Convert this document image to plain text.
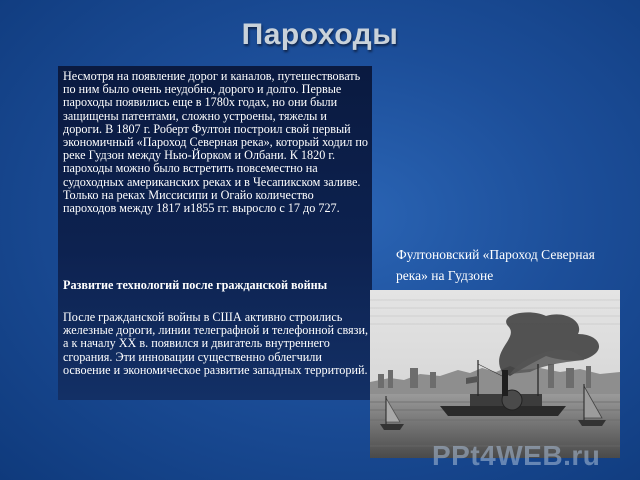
Пароходы
Несмотря на появление дорог и каналов, путешествовать по ним было очень неудобно, дорого и долго. Первые пароходы появились еще в 1780х годах, но они были защищены патентами, сложно устроены, тяжелы и дороги. В 1807 г. Роберт Фултон построил свой первый экономичный «Пароход Северная река», который ходил по реке Гудзон между Нью-Йорком и Олбани. К 1820 г. пароходы можно было встретить повсеместно на судоходных американских реках и в Чесапикском заливе. Только на реках Миссисипи и Огайо количество пароходов между 1817 и1855 гг. выросло с 17 до 727.
Развитие технологий после гражданской войны
После гражданской войны в США активно строились железные дороги, линии телеграфной и телефонной связи, а к началу XX в. появился и двигатель внутреннего сгорания. Эти инновации существенно облегчили освоение и экономическое развитие западных территорий.
Фултоновский «Пароход Северная река» на Гудзоне
PPt4WEB.ru
